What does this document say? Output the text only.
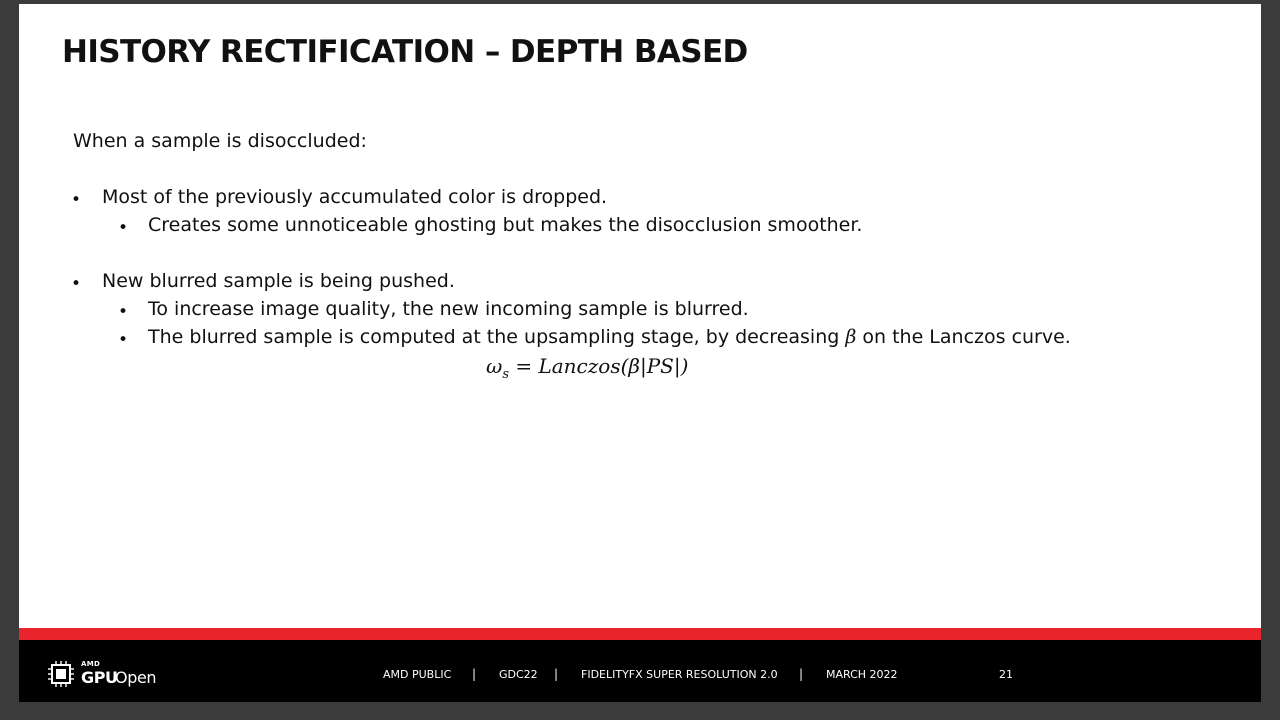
HISTORY RECTIFICATION – DEPTH BASED
When a sample is disoccluded:
• Most of the previously accumulated color is dropped.
• Creates some unnoticeable ghosting but makes the disocclusion smoother.
• New blurred sample is being pushed.
• To increase image quality, the new incoming sample is blurred.
• The blurred sample is computed at the upsampling stage, by decreasing β on the Lanczos curve.
$\omega_s$ = Lanczos(β|PS|)
AMD
GPU
Open	AMD PUBLIC | GDC22 | FIDELITYFX SUPER RESOLUTION 2.0 | MARCH 2022	21
